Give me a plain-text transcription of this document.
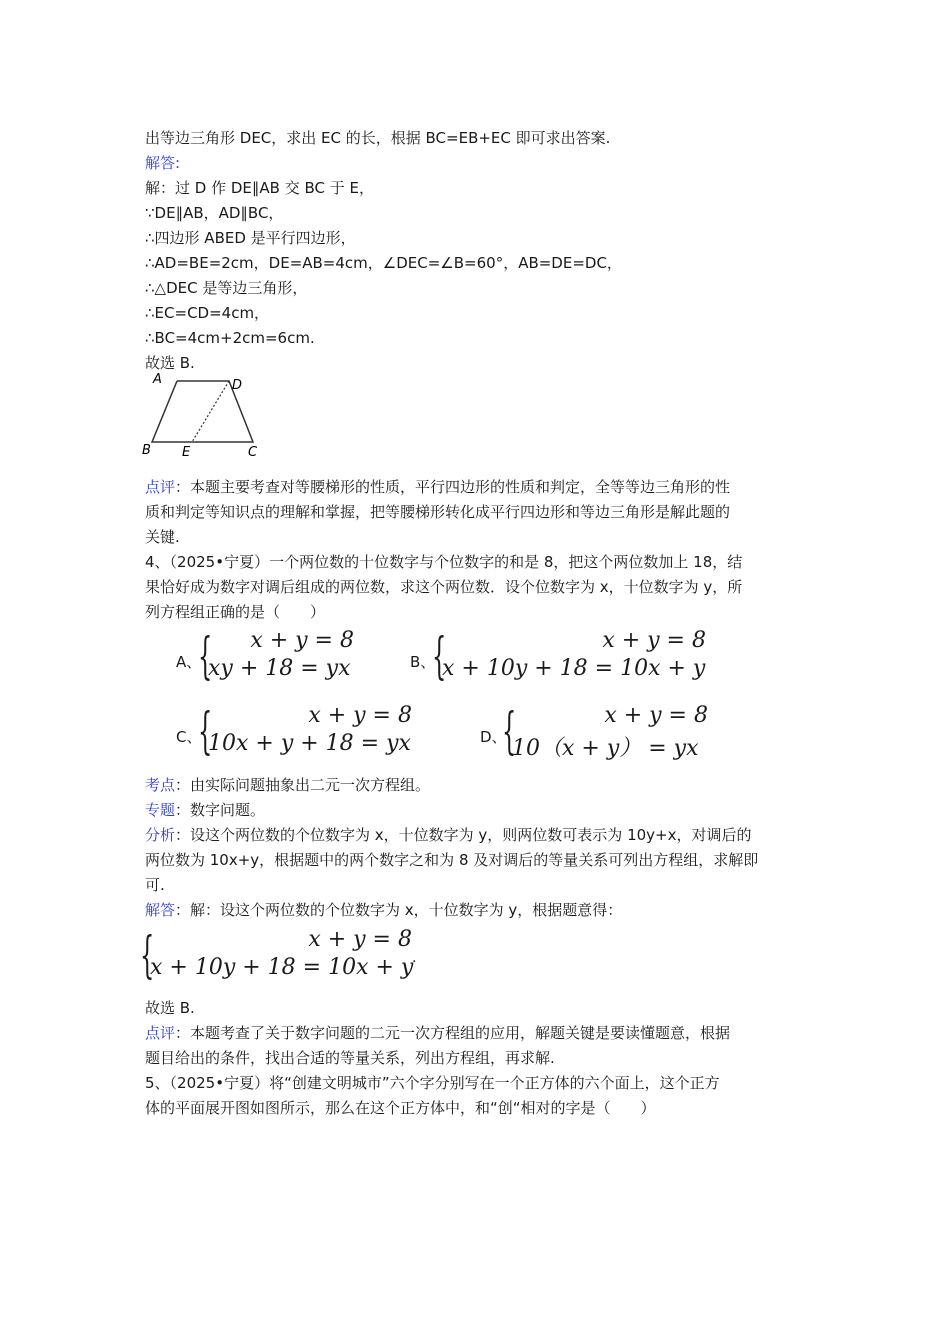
出等边三角形 DEC，求出 EC 的长，根据 BC=EB+EC 即可求出答案.
解答:
解：过 D 作 DE∥AB 交 BC 于 E，
∵DE∥AB，AD∥BC，
∴四边形 ABED 是平行四边形，
∴AD=BE=2cm，DE=AB=4cm，∠DEC=∠B=60°，AB=DE=DC，
∴△DEC 是等边三角形，
∴EC=CD=4cm，
∴BC=4cm+2cm=6cm.
故选 B.
A	D
B E	C
点评：本题主要考查对等腰梯形的性质，平行四边形的性质和判定，全等等边三角形的性
质和判定等知识点的理解和掌握，把等腰梯形转化成平行四边形和等边三角形是解此题的
关键.
4、（2025•宁夏）一个两位数的十位数字与个位数字的和是 8，把这个两位数加上 18，结
果恰好成为数字对调后组成的两位数，求这个两位数．设个位数字为 x，十位数字为 y，所
列方程组正确的是（　　）
A、
{ x + y = 8
xy + 18 = yx	B、
{	x + y = 8
x + 10y + 18 = 10x + y
C、
{	x + y = 8
10x + y + 18 = yx	D、
{	x + y = 8
10（x + y） = yx
考点：由实际问题抽象出二元一次方程组。
专题：数字问题。
分析：设这个两位数的个位数字为 x，十位数字为 y，则两位数可表示为 10y+x，对调后的
两位数为 10x+y，根据题中的两个数字之和为 8 及对调后的等量关系可列出方程组，求解即
可.
解答：解：设这个两位数的个位数字为 x，十位数字为 y，根据题意得：
{	x + y = 8
x + 10y + 18 = 10x + y
.
故选 B.
点评：本题考查了关于数字问题的二元一次方程组的应用，解题关键是要读懂题意，根据
题目给出的条件，找出合适的等量关系，列出方程组，再求解.
5、（2025•宁夏）将“创建文明城市”六个字分别写在一个正方体的六个面上，这个正方
体的平面展开图如图所示，那么在这个正方体中，和“创“相对的字是（　　）
